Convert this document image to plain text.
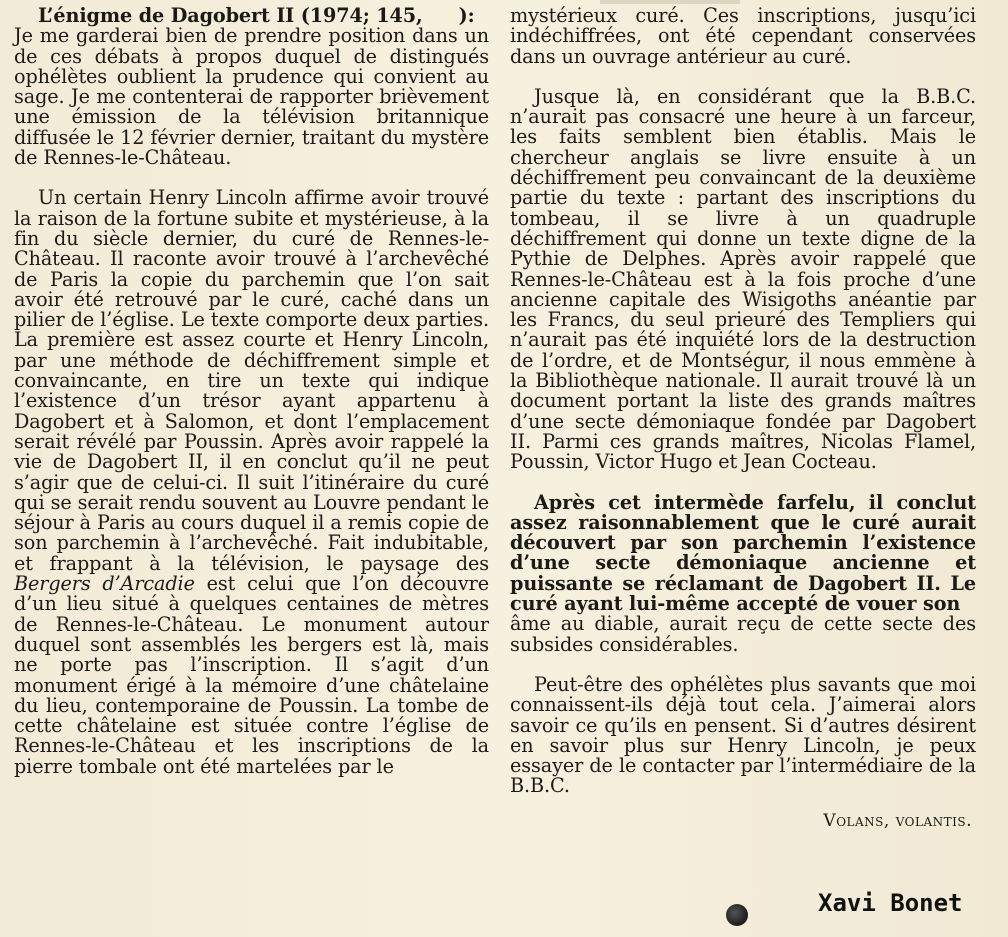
L’énigme de Dagobert II (1974; 145, ):

Je me garderai bien de prendre position dans un de ces débats à propos duquel de distingués ophélètes oublient la prudence qui convient au sage. Je me contenterai de rapporter brièvement une émission de la télévision britannique diffusée le 12 février dernier, traitant du mystère de Rennes-le-Château.

Un certain Henry Lincoln affirme avoir trouvé la raison de la fortune subite et mystérieuse, à la fin du siècle dernier, du curé de Rennes-le-Château. Il raconte avoir trouvé à l’archevêché de Paris la copie du parchemin que l’on sait avoir été retrouvé par le curé, caché dans un pilier de l’église. Le texte comporte deux parties. La première est assez courte et Henry Lincoln, par une méthode de déchiffrement simple et convaincante, en tire un texte qui indique l’existence d’un trésor ayant appartenu à Dagobert et à Salomon, et dont l’emplacement serait révélé par Poussin. Après avoir rappelé la vie de Dagobert II, il en conclut qu’il ne peut s’agir que de celui-ci. Il suit l’itinéraire du curé qui se serait rendu souvent au Louvre pendant le séjour à Paris au cours duquel il a remis copie de son parchemin à l’archevêché. Fait indubitable, et frappant à la télévision, le paysage des Bergers d’Arcadie est celui que l’on découvre d’un lieu situé à quelques centaines de mètres de Rennes-le-Château. Le monument autour duquel sont assemblés les bergers est là, mais ne porte pas l’inscription. Il s’agit d’un monument érigé à la mémoire d’une châtelaine du lieu, contemporaine de Poussin. La tombe de cette châtelaine est située contre l’église de Rennes-le-Château et les inscriptions de la pierre tombale ont été martelées par le

mystérieux curé. Ces inscriptions, jusqu’ici indéchiffrées, ont été cependant conservées dans un ouvrage antérieur au curé.

Jusque là, en considérant que la B.B.C. n’aurait pas consacré une heure à un farceur, les faits semblent bien établis. Mais le chercheur anglais se livre ensuite à un déchiffrement peu convaincant de la deuxième partie du texte : partant des inscriptions du tombeau, il se livre à un quadruple déchiffrement qui donne un texte digne de la Pythie de Delphes. Après avoir rappelé que Rennes-le-Château est à la fois proche d’une ancienne capitale des Wisigoths anéantie par les Francs, du seul prieuré des Templiers qui n’aurait pas été inquiété lors de la destruction de l’ordre, et de Montségur, il nous emmène à la Bibliothèque nationale. Il aurait trouvé là un document portant la liste des grands maîtres d’une secte démoniaque fondée par Dagobert II. Parmi ces grands maîtres, Nicolas Flamel, Poussin, Victor Hugo et Jean Cocteau.

Après cet intermède farfelu, il conclut assez raisonnablement que le curé aurait découvert par son parchemin l’existence d’une secte démoniaque ancienne et puissante se réclamant de Dagobert II. Le curé ayant lui-même accepté de vouer son

âme au diable, aurait reçu de cette secte des subsides considérables.

Peut-être des ophélètes plus savants que moi connaissent-ils déjà tout cela. J’aimerai alors savoir ce qu’ils en pensent. Si d’autres désirent en savoir plus sur Henry Lincoln, je peux essayer de le contacter par l’intermédiaire de la B.B.C.

Volans, volantis.
Xavi Bonet
